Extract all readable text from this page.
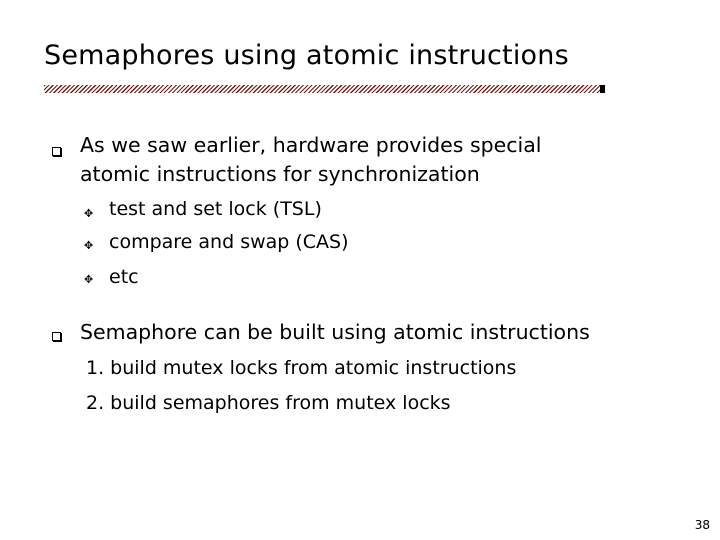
Semaphores using atomic instructions
As we saw earlier, hardware provides special
atomic instructions for synchronization
✥ test and set lock (TSL)
✥ compare and swap (CAS)
✥ etc
Semaphore can be built using atomic instructions
1. build mutex locks from atomic instructions
2. build semaphores from mutex locks
38
